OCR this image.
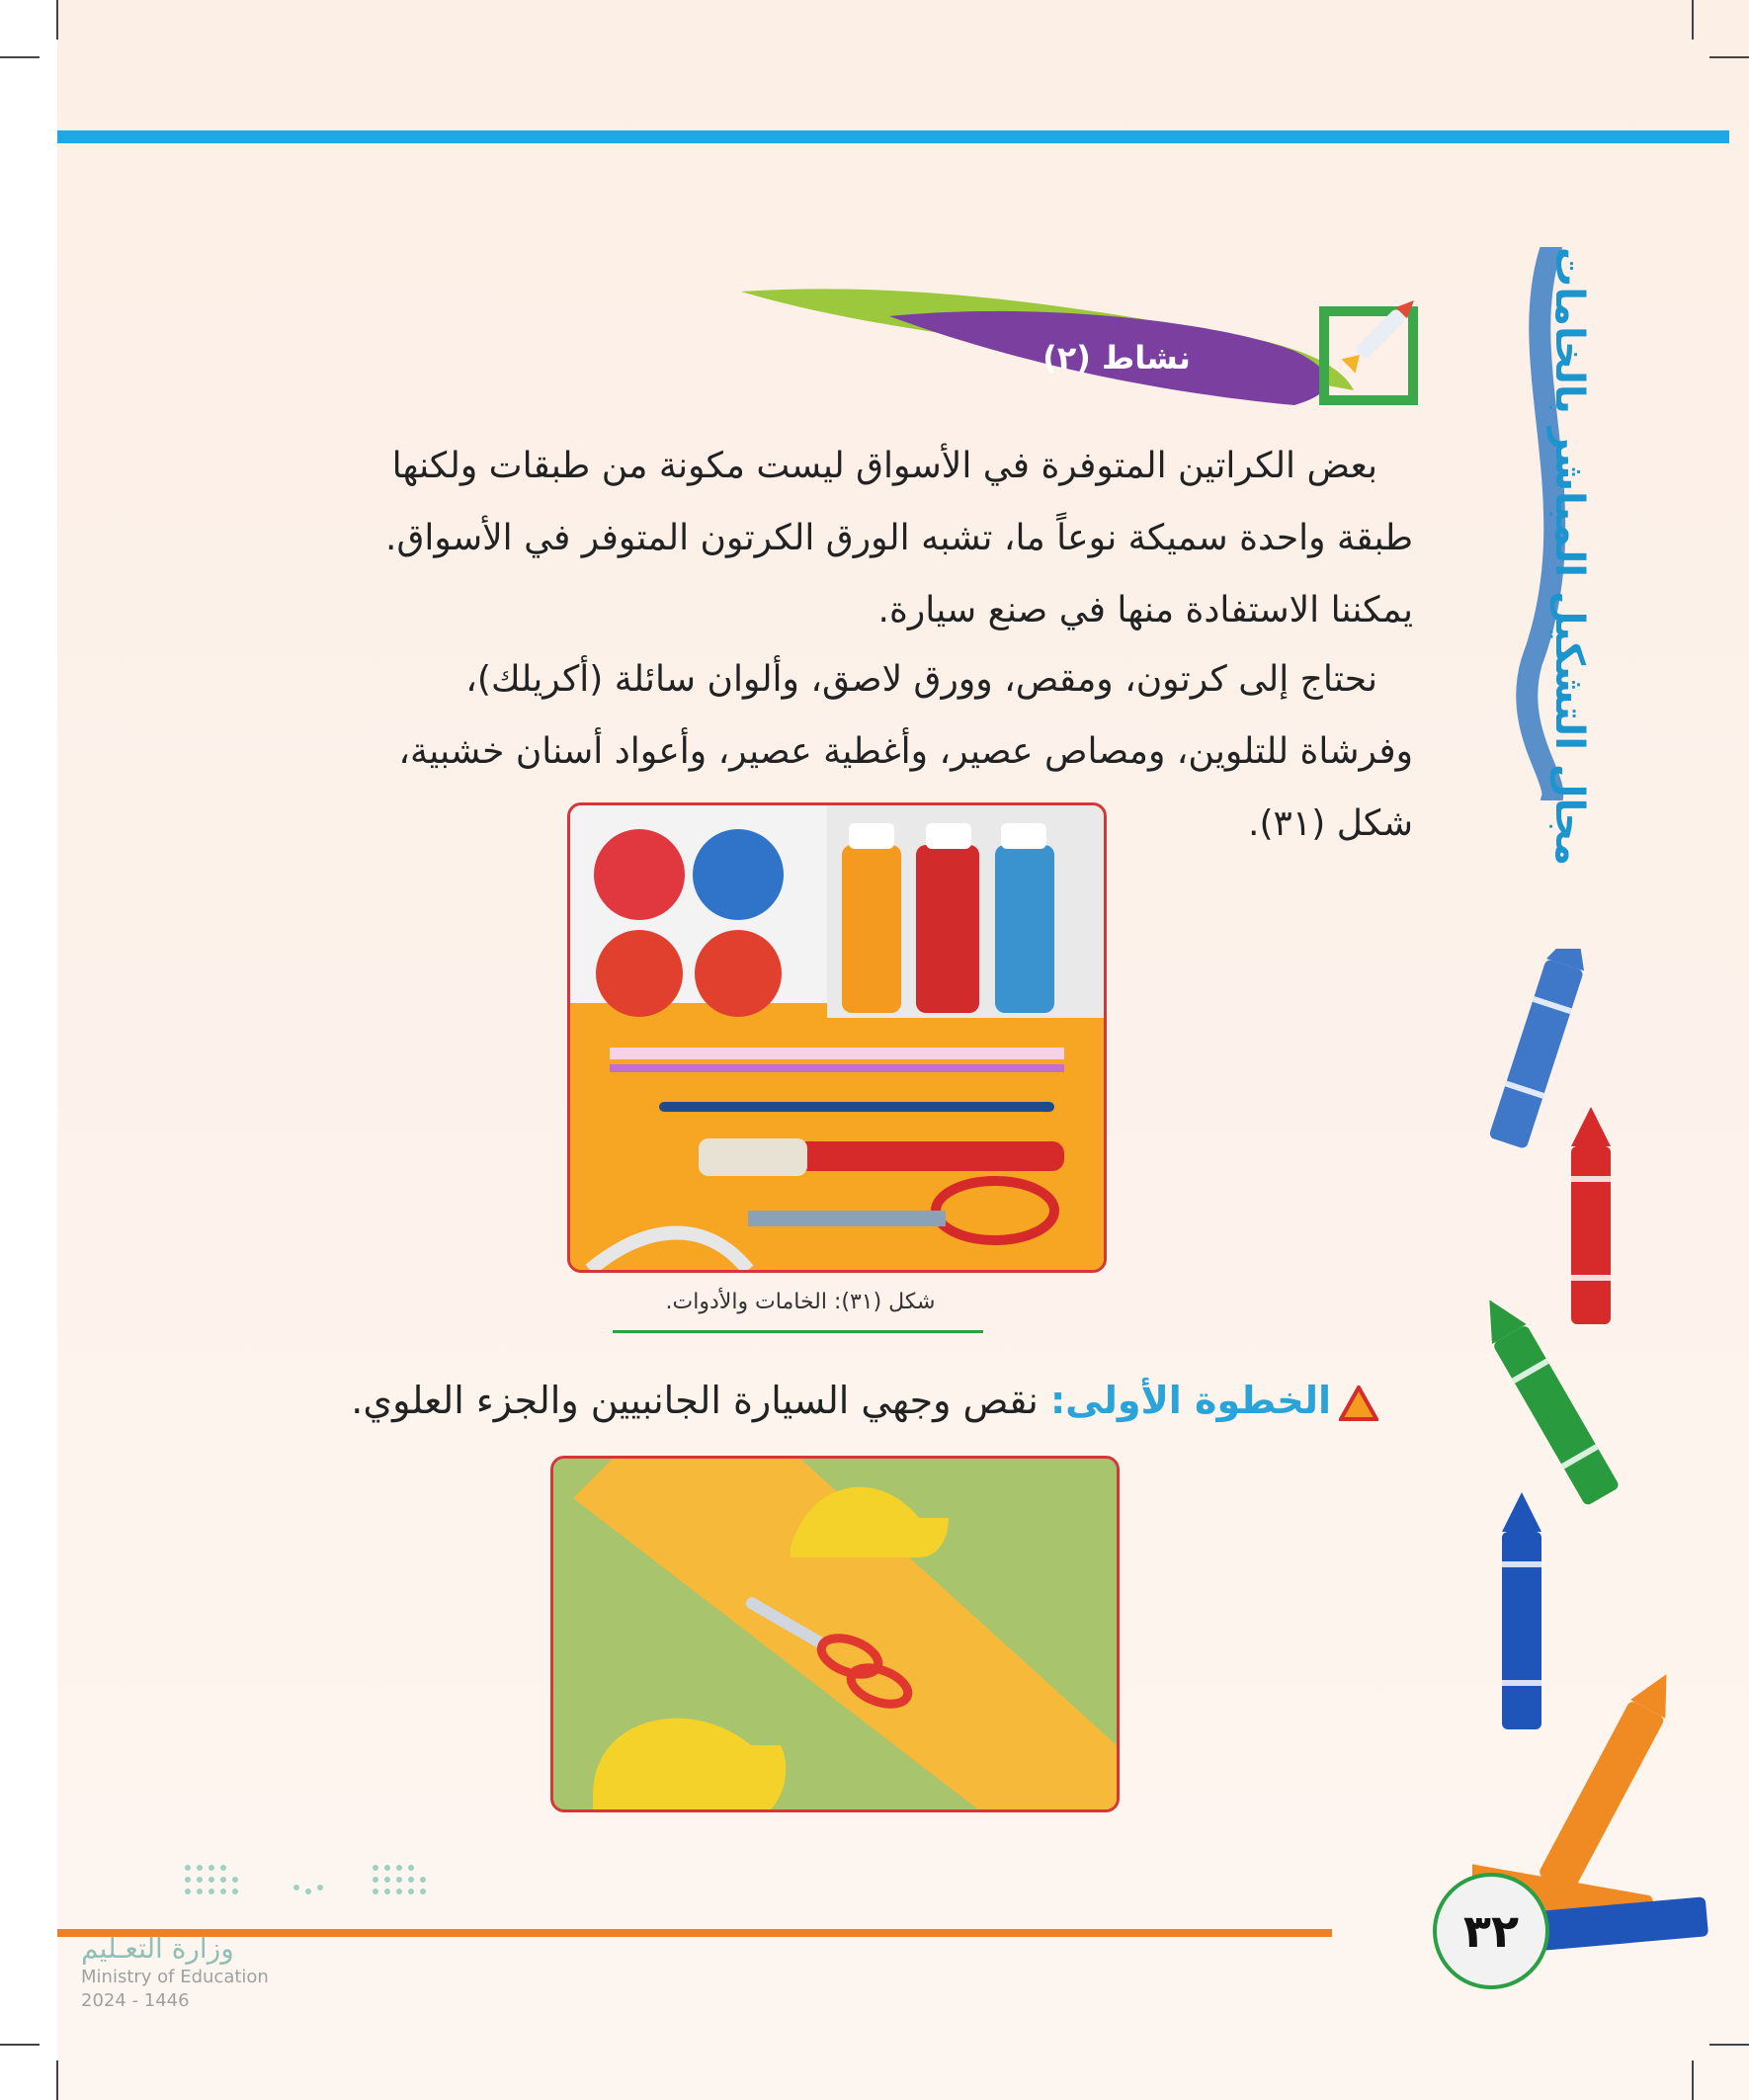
مجال التشكيل المباشر بالخامات
نشاط (٢)
بعض الكراتين المتوفرة في الأسواق ليست مكونة من طبقات ولكنها
طبقة واحدة سميكة نوعاً ما، تشبه الورق الكرتون المتوفر في الأسواق.
يمكننا الاستفادة منها في صنع سيارة.
نحتاج إلى كرتون، ومقص، وورق لاصق، وألوان سائلة (أكريلك)،
وفرشاة للتلوين، ومصاص عصير، وأغطية عصير، وأعواد أسنان خشبية،
شكل (٣١).
شكل (٣١): الخامات والأدوات.
الخطوة الأولى: نقص وجهي السيارة الجانبيين والجزء العلوي.
٣٢
وزارة التعـليم
Ministry of Education
2024 - 1446
